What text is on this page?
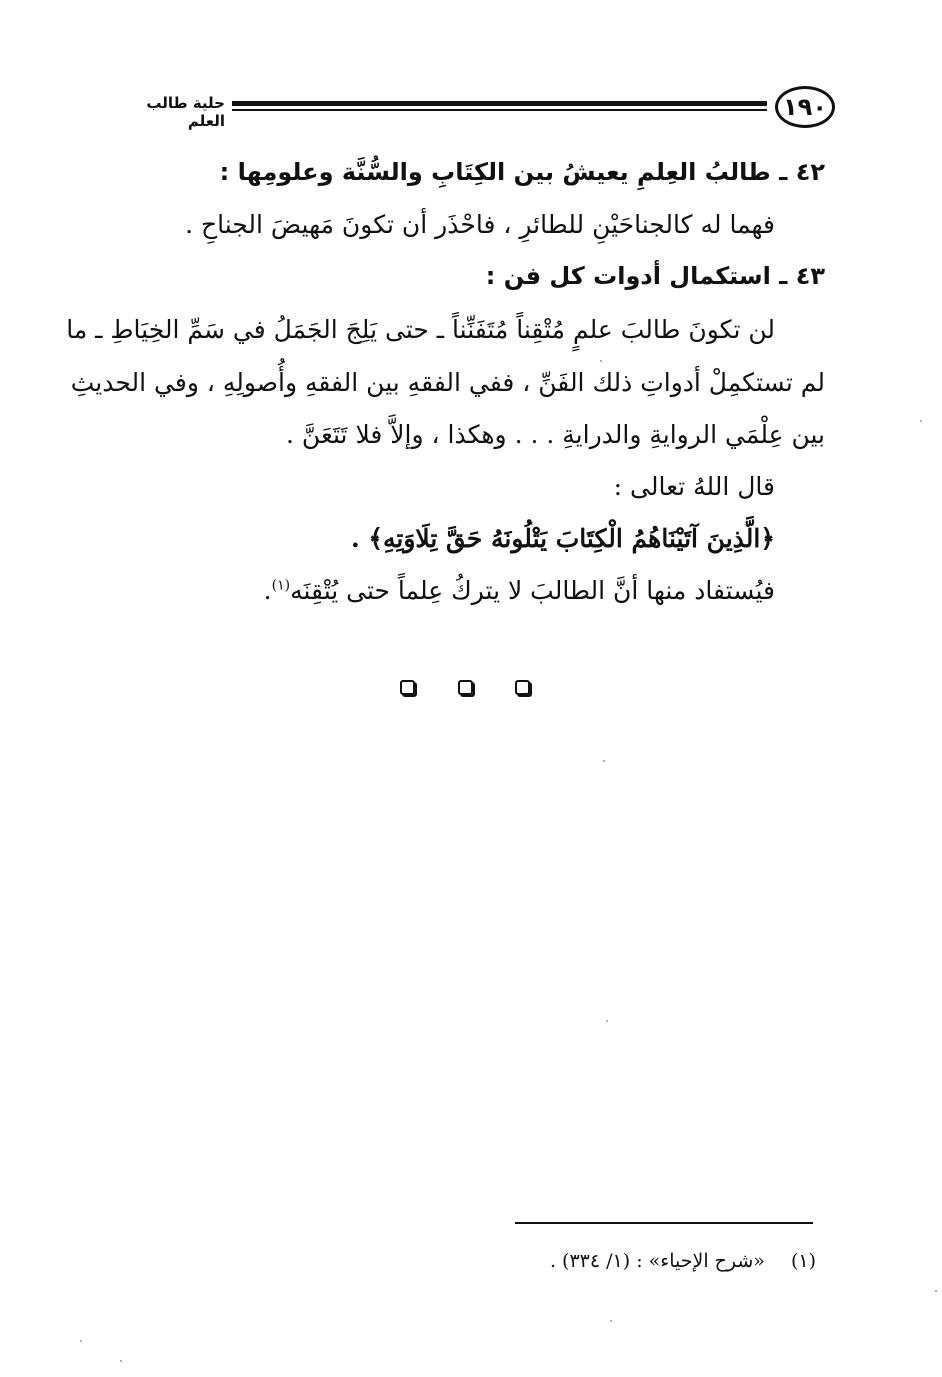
١٩٠
حلية طالب العلم
٤٢ ـ طالبُ العِلمِ يعيشُ بين الكِتَابِ والسُّنَّة وعلومِها :
فهما له كالجناحَيْنِ للطائرِ ، فاحْذَر أن تكونَ مَهيضَ الجناحِ .
٤٣ ـ استكمال أدوات كل فن :
لن تكونَ طالبَ علمٍ مُتْقِناً مُتَفَنِّناً ـ حتى يَلِجَ الجَمَلُ في سَمِّ الخِيَاطِ ـ ما
لم تستكمِلْ أدواتِ ذلك الفَنِّ ، ففي الفقهِ بين الفقهِ وأُصولِهِ ، وفي الحديثِ
بين عِلْمَي الروايةِ والدرايةِ . . . وهكذا ، وإلاَّ فلا تَتَعَنَّ .
قال اللهُ تعالى :
﴿الَّذِينَ آتَيْنَاهُمُ الْكِتَابَ يَتْلُونَهُ حَقَّ تِلَاوَتِهِ﴾ .
فيُستفاد منها أنَّ الطالبَ لا يتركُ عِلماً حتى يُتْقِنَه$^{(١)}$.
(١)«شرح الإحياء» : (١/ ٣٣٤) .
